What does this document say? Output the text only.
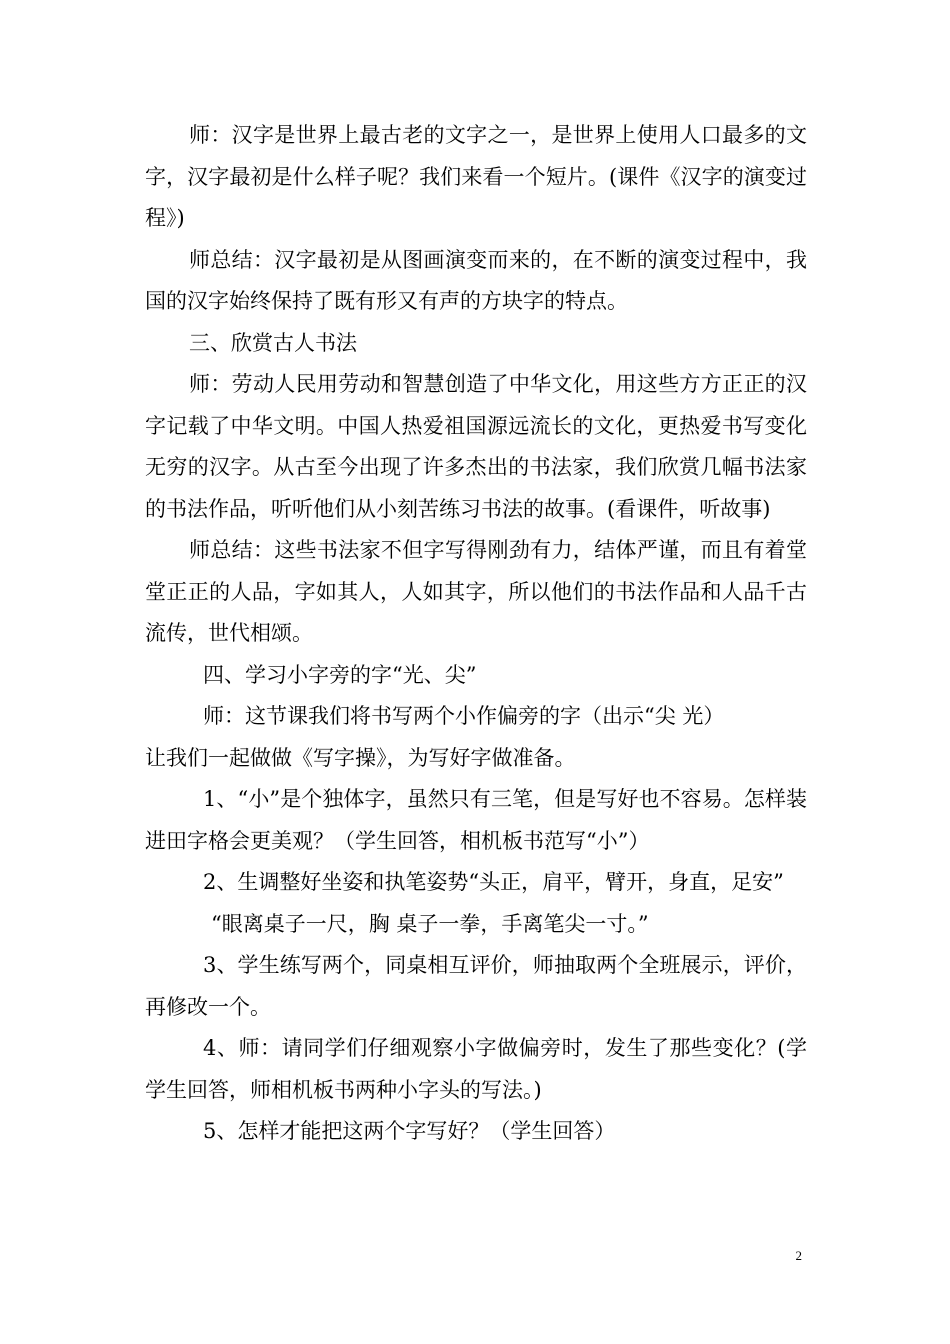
师：汉字是世界上最古老的文字之一，是世界上使用人口最多的文字，汉字最初是什么样子呢？我们来看一个短片。(课件《汉字的演变过程》)

师总结：汉字最初是从图画演变而来的，在不断的演变过程中，我国的汉字始终保持了既有形又有声的方块字的特点。

三、欣赏古人书法

师：劳动人民用劳动和智慧创造了中华文化，用这些方方正正的汉字记载了中华文明。中国人热爱祖国源远流长的文化，更热爱书写变化无穷的汉字。从古至今出现了许多杰出的书法家，我们欣赏几幅书法家的书法作品，听听他们从小刻苦练习书法的故事。(看课件，听故事)

师总结：这些书法家不但字写得刚劲有力，结体严谨，而且有着堂堂正正的人品，字如其人，人如其字，所以他们的书法作品和人品千古流传，世代相颂。

四、学习小字旁的字“光、尖”

师：这节课我们将书写两个小作偏旁的字（出示“尖 光）

让我们一起做做《写字操》，为写好字做准备。

1、“小”是个独体字，虽然只有三笔，但是写好也不容易。怎样装进田字格会更美观？（学生回答，相机板书范写“小”）

2、生调整好坐姿和执笔姿势“头正，肩平，臂开，身直，足安”

“眼离桌子一尺，胸 桌子一拳，手离笔尖一寸。”

3、学生练写两个，同桌相互评价，师抽取两个全班展示，评价，再修改一个。

4、师：请同学们仔细观察小字做偏旁时，发生了那些变化？(学学生回答，师相机板书两种小字头的写法。)

5、怎样才能把这两个字写好？（学生回答）

2
